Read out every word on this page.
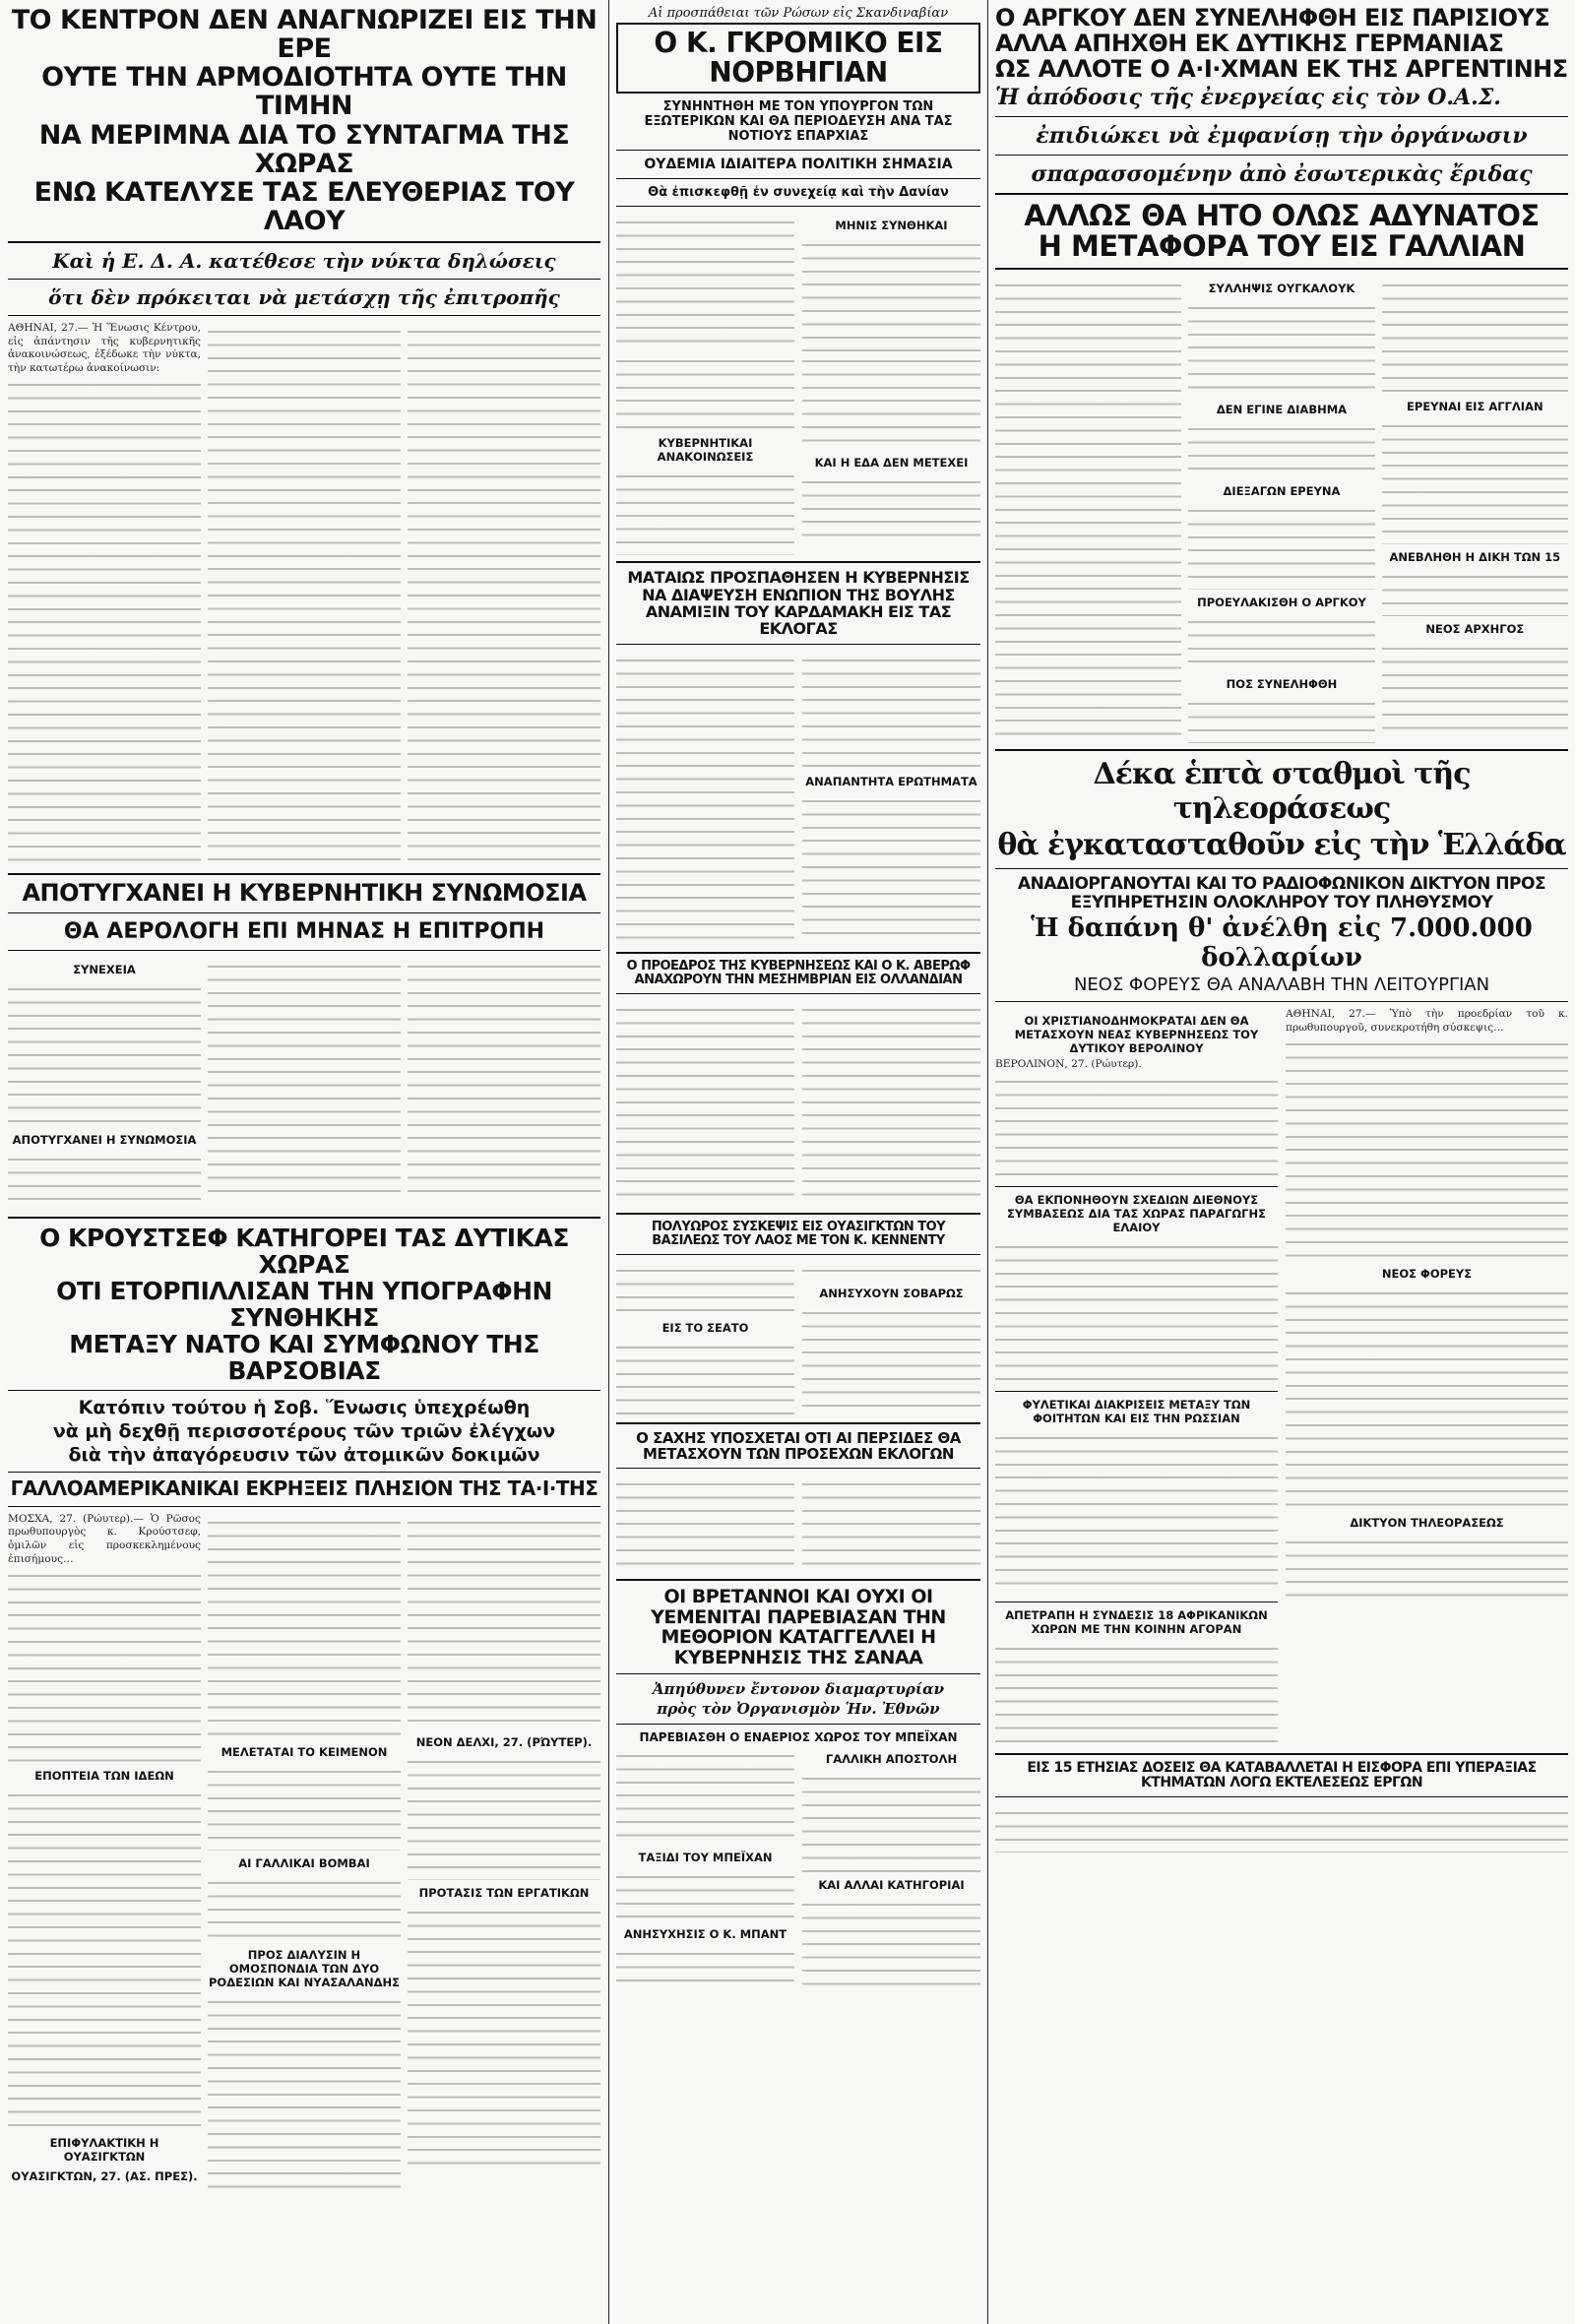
ΤΟ ΚΕΝΤΡΟΝ ΔΕΝ ΑΝΑΓΝΩΡΙΖΕΙ ΕΙΣ ΤΗΝ ΕΡΕ

ΟΥΤΕ ΤΗΝ ΑΡΜΟΔΙΟΤΗΤΑ ΟΥΤΕ ΤΗΝ ΤΙΜΗΝ

ΝΑ ΜΕΡΙΜΝΑ ΔΙΑ ΤΟ ΣΥΝΤΑΓΜΑ ΤΗΣ ΧΩΡΑΣ

ΕΝΩ ΚΑΤΕΛΥΣΕ ΤΑΣ ΕΛΕΥΘΕΡΙΑΣ ΤΟΥ ΛΑΟΥ

Καὶ ἡ Ε. Δ. Α. κατέθεσε τὴν νύκτα δηλώσεις

ὅτι δὲν πρόκειται νὰ μετάσχῃ τῆς ἐπιτροπῆς

ΑΘΗΝΑΙ, 27.— Ἡ Ἕνωσις Κέντρου, εἰς ἀπάντησιν τῆς κυβερνητικῆς ἀνακοινώσεως, ἐξέδωκε τὴν νύκτα, τὴν κατωτέρω ἀνακοίνωσιν:

ΑΠΟΤΥΓΧΑΝΕΙ Η ΚΥΒΕΡΝΗΤΙΚΗ ΣΥΝΩΜΟΣΙΑ

ΘΑ ΑΕΡΟΛΟΓΗ ΕΠΙ ΜΗΝΑΣ Η ΕΠΙΤΡΟΠΗ

ΣΥΝΕΧΕΙΑ

ΑΠΟΤΥΓΧΑΝΕΙ Η ΣΥΝΩΜΟΣΙΑ

Ο ΚΡΟΥΣΤΣΕΦ ΚΑΤΗΓΟΡΕΙ ΤΑΣ ΔΥΤΙΚΑΣ ΧΩΡΑΣ

ΟΤΙ ΕΤΟΡΠΙΛΛΙΣΑΝ ΤΗΝ ΥΠΟΓΡΑΦΗΝ ΣΥΝΘΗΚΗΣ

ΜΕΤΑΞΥ ΝΑΤΟ ΚΑΙ ΣΥΜΦΩΝΟΥ ΤΗΣ ΒΑΡΣΟΒΙΑΣ

Κατόπιν τούτου ἡ Σοβ. Ἕνωσις ὑπεχρέωθη

νὰ μὴ δεχθῇ περισσοτέρους τῶν τριῶν ἐλέγχων

διὰ τὴν ἀπαγόρευσιν τῶν ἀτομικῶν δοκιμῶν

ΓΑΛΛΟΑΜΕΡΙΚΑΝΙΚΑΙ ΕΚΡΗΞΕΙΣ ΠΛΗΣΙΟΝ ΤΗΣ ΤΑ·Ι·ΤΗΣ

ΜΟΣΧΑ, 27. (Ρώυτερ).— Ὁ Ρῶσος πρωθυπουργὸς κ. Κρούστσεφ, ὁμιλῶν εἰς προσκεκλημένους ἐπισήμους…

ΕΠΟΠΤΕΙΑ ΤΩΝ ΙΔΕΩΝ

ΕΠΙΦΥΛΑΚΤΙΚΗ Η ΟΥΑΣΙΓΚΤΩΝ

ΟΥΑΣΙΓΚΤΩΝ, 27. (ΑΣ. ΠΡΕΣ).

ΜΕΛΕΤΑΤΑΙ ΤΟ ΚΕΙΜΕΝΟΝ

ΑΙ ΓΑΛΛΙΚΑΙ ΒΟΜΒΑΙ

ΠΡΟΣ ΔΙΑΛΥΣΙΝ Η ΟΜΟΣΠΟΝΔΙΑ ΤΩΝ ΔΥΟ ΡΟΔΕΣΙΩΝ ΚΑΙ ΝΥΑΣΑΛΑΝΔΗΣ

ΝΕΟΝ ΔΕΛΧΙ, 27. (ΡΏΥΤΕΡ).

ΠΡΟΤΑΣΙΣ ΤΩΝ ΕΡΓΑΤΙΚΩΝ

Αἱ προσπάθειαι τῶν Ρώσων εἰς Σκανδιναβίαν

Ο Κ. ΓΚΡΟΜΙΚΟ ΕΙΣ ΝΟΡΒΗΓΙΑΝ

ΣΥΝΗΝΤΗΘΗ ΜΕ ΤΟΝ ΥΠΟΥΡΓΟΝ ΤΩΝ ΕΞΩΤΕΡΙΚΩΝ ΚΑΙ ΘΑ ΠΕΡΙΟΔΕΥΣΗ ΑΝΑ ΤΑΣ ΝΟΤΙΟΥΣ ΕΠΑΡΧΙΑΣ

ΟΥΔΕΜΙΑ ΙΔΙΑΙΤΕΡΑ ΠΟΛΙΤΙΚΗ ΣΗΜΑΣΙΑ

Θὰ ἐπισκεφθῇ ἐν συνεχείᾳ καὶ τὴν Δανίαν

ΜΗΝΙΣ ΣΥΝΘΗΚΑΙ

ΚΥΒΕΡΝΗΤΙΚΑΙ ΑΝΑΚΟΙΝΩΣΕΙΣ	ΚΑΙ Η ΕΔΑ ΔΕΝ ΜΕΤΕΧΕΙ

ΜΑΤΑΙΩΣ ΠΡΟΣΠΑΘΗΣΕΝ Η ΚΥΒΕΡΝΗΣΙΣ ΝΑ ΔΙΑΨΕΥΣΗ ΕΝΩΠΙΟΝ ΤΗΣ ΒΟΥΛΗΣ ΑΝΑΜΙΞΙΝ ΤΟΥ ΚΑΡΔΑΜΑΚΗ ΕΙΣ ΤΑΣ ΕΚΛΟΓΑΣ

ΑΝΑΠΑΝΤΗΤΑ ΕΡΩΤΗΜΑΤΑ

Ο ΠΡΟΕΔΡΟΣ ΤΗΣ ΚΥΒΕΡΝΗΣΕΩΣ ΚΑΙ Ο Κ. ΑΒΕΡΩΦ ΑΝΑΧΩΡΟΥΝ ΤΗΝ ΜΕΣΗΜΒΡΙΑΝ ΕΙΣ ΟΛΛΑΝΔΙΑΝ

ΠΟΛΥΩΡΟΣ ΣΥΣΚΕΨΙΣ ΕΙΣ ΟΥΑΣΙΓΚΤΩΝ ΤΟΥ ΒΑΣΙΛΕΩΣ ΤΟΥ ΛΑΟΣ ΜΕ ΤΟΝ Κ. ΚΕΝΝΕΝΤΥ

ΕΙΣ ΤΟ ΣΕΑΤΟ

ΑΝΗΣΥΧΟΥΝ ΣΟΒΑΡΩΣ

Ο ΣΑΧΗΣ ΥΠΟΣΧΕΤΑΙ ΟΤΙ ΑΙ ΠΕΡΣΙΔΕΣ ΘΑ ΜΕΤΑΣΧΟΥΝ ΤΩΝ ΠΡΟΣΕΧΩΝ ΕΚΛΟΓΩΝ

ΟΙ ΒΡΕΤΑΝΝΟΙ ΚΑΙ ΟΥΧΙ ΟΙ ΥΕΜΕΝΙΤΑΙ ΠΑΡΕΒΙΑΣΑΝ ΤΗΝ ΜΕΘΟΡΙΟΝ ΚΑΤΑΓΓΕΛΛΕΙ Η ΚΥΒΕΡΝΗΣΙΣ ΤΗΣ ΣΑΝΑΑ

Ἀπηύθυνεν ἔντονον διαμαρτυρίαν

πρὸς τὸν Ὀργανισμὸν Ἡν. Ἐθνῶν

ΠΑΡΕΒΙΑΣΘΗ Ο ΕΝΑΕΡΙΟΣ ΧΩΡΟΣ ΤΟΥ ΜΠΕΪΧΑΝ

ΤΑΞΙΔΙ ΤΟΥ ΜΠΕΪΧΑΝ

ΑΝΗΣΥΧΗΣΙΣ Ο Κ. ΜΠΑΝΤ

ΓΑΛΛΙΚΗ ΑΠΟΣΤΟΛΗ

ΚΑΙ ΑΛΛΑΙ ΚΑΤΗΓΟΡΙΑΙ

Ο ΑΡΓΚΟΥ ΔΕΝ ΣΥΝΕΛΗΦΘΗ ΕΙΣ ΠΑΡΙΣΙΟΥΣ

ΑΛΛΑ ΑΠΗΧΘΗ ΕΚ ΔΥΤΙΚΗΣ ΓΕΡΜΑΝΙΑΣ

ΩΣ ΑΛΛΟΤΕ Ο Α·Ι·ΧΜΑΝ ΕΚ ΤΗΣ ΑΡΓΕΝΤΙΝΗΣ

Ἡ ἀπόδοσις τῆς ἐνεργείας εἰς τὸν Ο.Α.Σ.

ἐπιδιώκει νὰ ἐμφανίσῃ τὴν ὀργάνωσιν

σπαρασσομένην ἀπὸ ἐσωτερικὰς ἔριδας

ΑΛΛΩΣ ΘΑ ΗΤΟ ΟΛΩΣ ΑΔΥΝΑΤΟΣ

Η ΜΕΤΑΦΟΡΑ ΤΟΥ ΕΙΣ ΓΑΛΛΙΑΝ

ΣΥΛΛΗΨΙΣ ΟΥΓΚΑΛΟΥΚ

ΔΕΝ ΕΓΙΝΕ ΔΙΑΒΗΜΑ

ΔΙΕΞΑΓΩΝ ΕΡΕΥΝΑ

ΠΡΟΕΥΛΑΚΙΣΘΗ Ο ΑΡΓΚΟΥ

ΠΟΣ ΣΥΝΕΛΗΦΘΗ

ΕΡΕΥΝΑΙ ΕΙΣ ΑΓΓΛΙΑΝ

ΑΝΕΒΛΗΘΗ Η ΔΙΚΗ ΤΩΝ 15

ΝΕΟΣ ΑΡΧΗΓΟΣ

Δέκα ἑπτὰ σταθμοὶ τῆς τηλεοράσεως

θὰ ἐγκατασταθοῦν εἰς τὴν Ἑλλάδα

ΑΝΑΔΙΟΡΓΑΝΟΥΤΑΙ ΚΑΙ ΤΟ ΡΑΔΙΟΦΩΝΙΚΟΝ ΔΙΚΤΥΟΝ ΠΡΟΣ ΕΞΥΠΗΡΕΤΗΣΙΝ ΟΛΟΚΛΗΡΟΥ ΤΟΥ ΠΛΗΘΥΣΜΟΥ

Ἡ δαπάνη θ' ἀνέλθη εἰς 7.000.000 δολλαρίων

ΝΕΟΣ ΦΟΡΕΥΣ ΘΑ ΑΝΑΛΑΒΗ ΤΗΝ ΛΕΙΤΟΥΡΓΙΑΝ

ΟΙ ΧΡΙΣΤΙΑΝΟΔΗΜΟΚΡΑΤΑΙ ΔΕΝ ΘΑ ΜΕΤΑΣΧΟΥΝ ΝΕΑΣ ΚΥΒΕΡΝΗΣΕΩΣ ΤΟΥ ΔΥΤΙΚΟΥ ΒΕΡΟΛΙΝΟΥ

ΒΕΡΟΛΙΝΟΝ, 27. (Ρώυτερ).

ΘΑ ΕΚΠΟΝΗΘΟΥΝ ΣΧΕΔΙΩΝ ΔΙΕΘΝΟΥΣ ΣΥΜΒΑΣΕΩΣ ΔΙΑ ΤΑΣ ΧΩΡΑΣ ΠΑΡΑΓΩΓΗΣ ΕΛΑΙΟΥ

ΦΥΛΕΤΙΚΑΙ ΔΙΑΚΡΙΣΕΙΣ ΜΕΤΑΞΥ ΤΩΝ ΦΟΙΤΗΤΩΝ ΚΑΙ ΕΙΣ ΤΗΝ ΡΩΣΣΙΑΝ

ΑΠΕΤΡΑΠΗ Η ΣΥΝΔΕΣΙΣ 18 ΑΦΡΙΚΑΝΙΚΩΝ ΧΩΡΩΝ ΜΕ ΤΗΝ ΚΟΙΝΗΝ ΑΓΟΡΑΝ

ΑΘΗΝΑΙ, 27.— Ὑπὸ τὴν προεδρίαν τοῦ κ. πρωθυπουργοῦ, συνεκροτήθη σύσκεψις…

ΝΕΟΣ ΦΟΡΕΥΣ

ΔΙΚΤΥΟΝ ΤΗΛΕΟΡΑΣΕΩΣ

ΕΙΣ 15 ΕΤΗΣΙΑΣ ΔΟΣΕΙΣ ΘΑ ΚΑΤΑΒΑΛΛΕΤΑΙ Η ΕΙΣΦΟΡΑ ΕΠΙ ΥΠΕΡΑΞΙΑΣ ΚΤΗΜΑΤΩΝ ΛΟΓΩ ΕΚΤΕΛΕΣΕΩΣ ΕΡΓΩΝ
